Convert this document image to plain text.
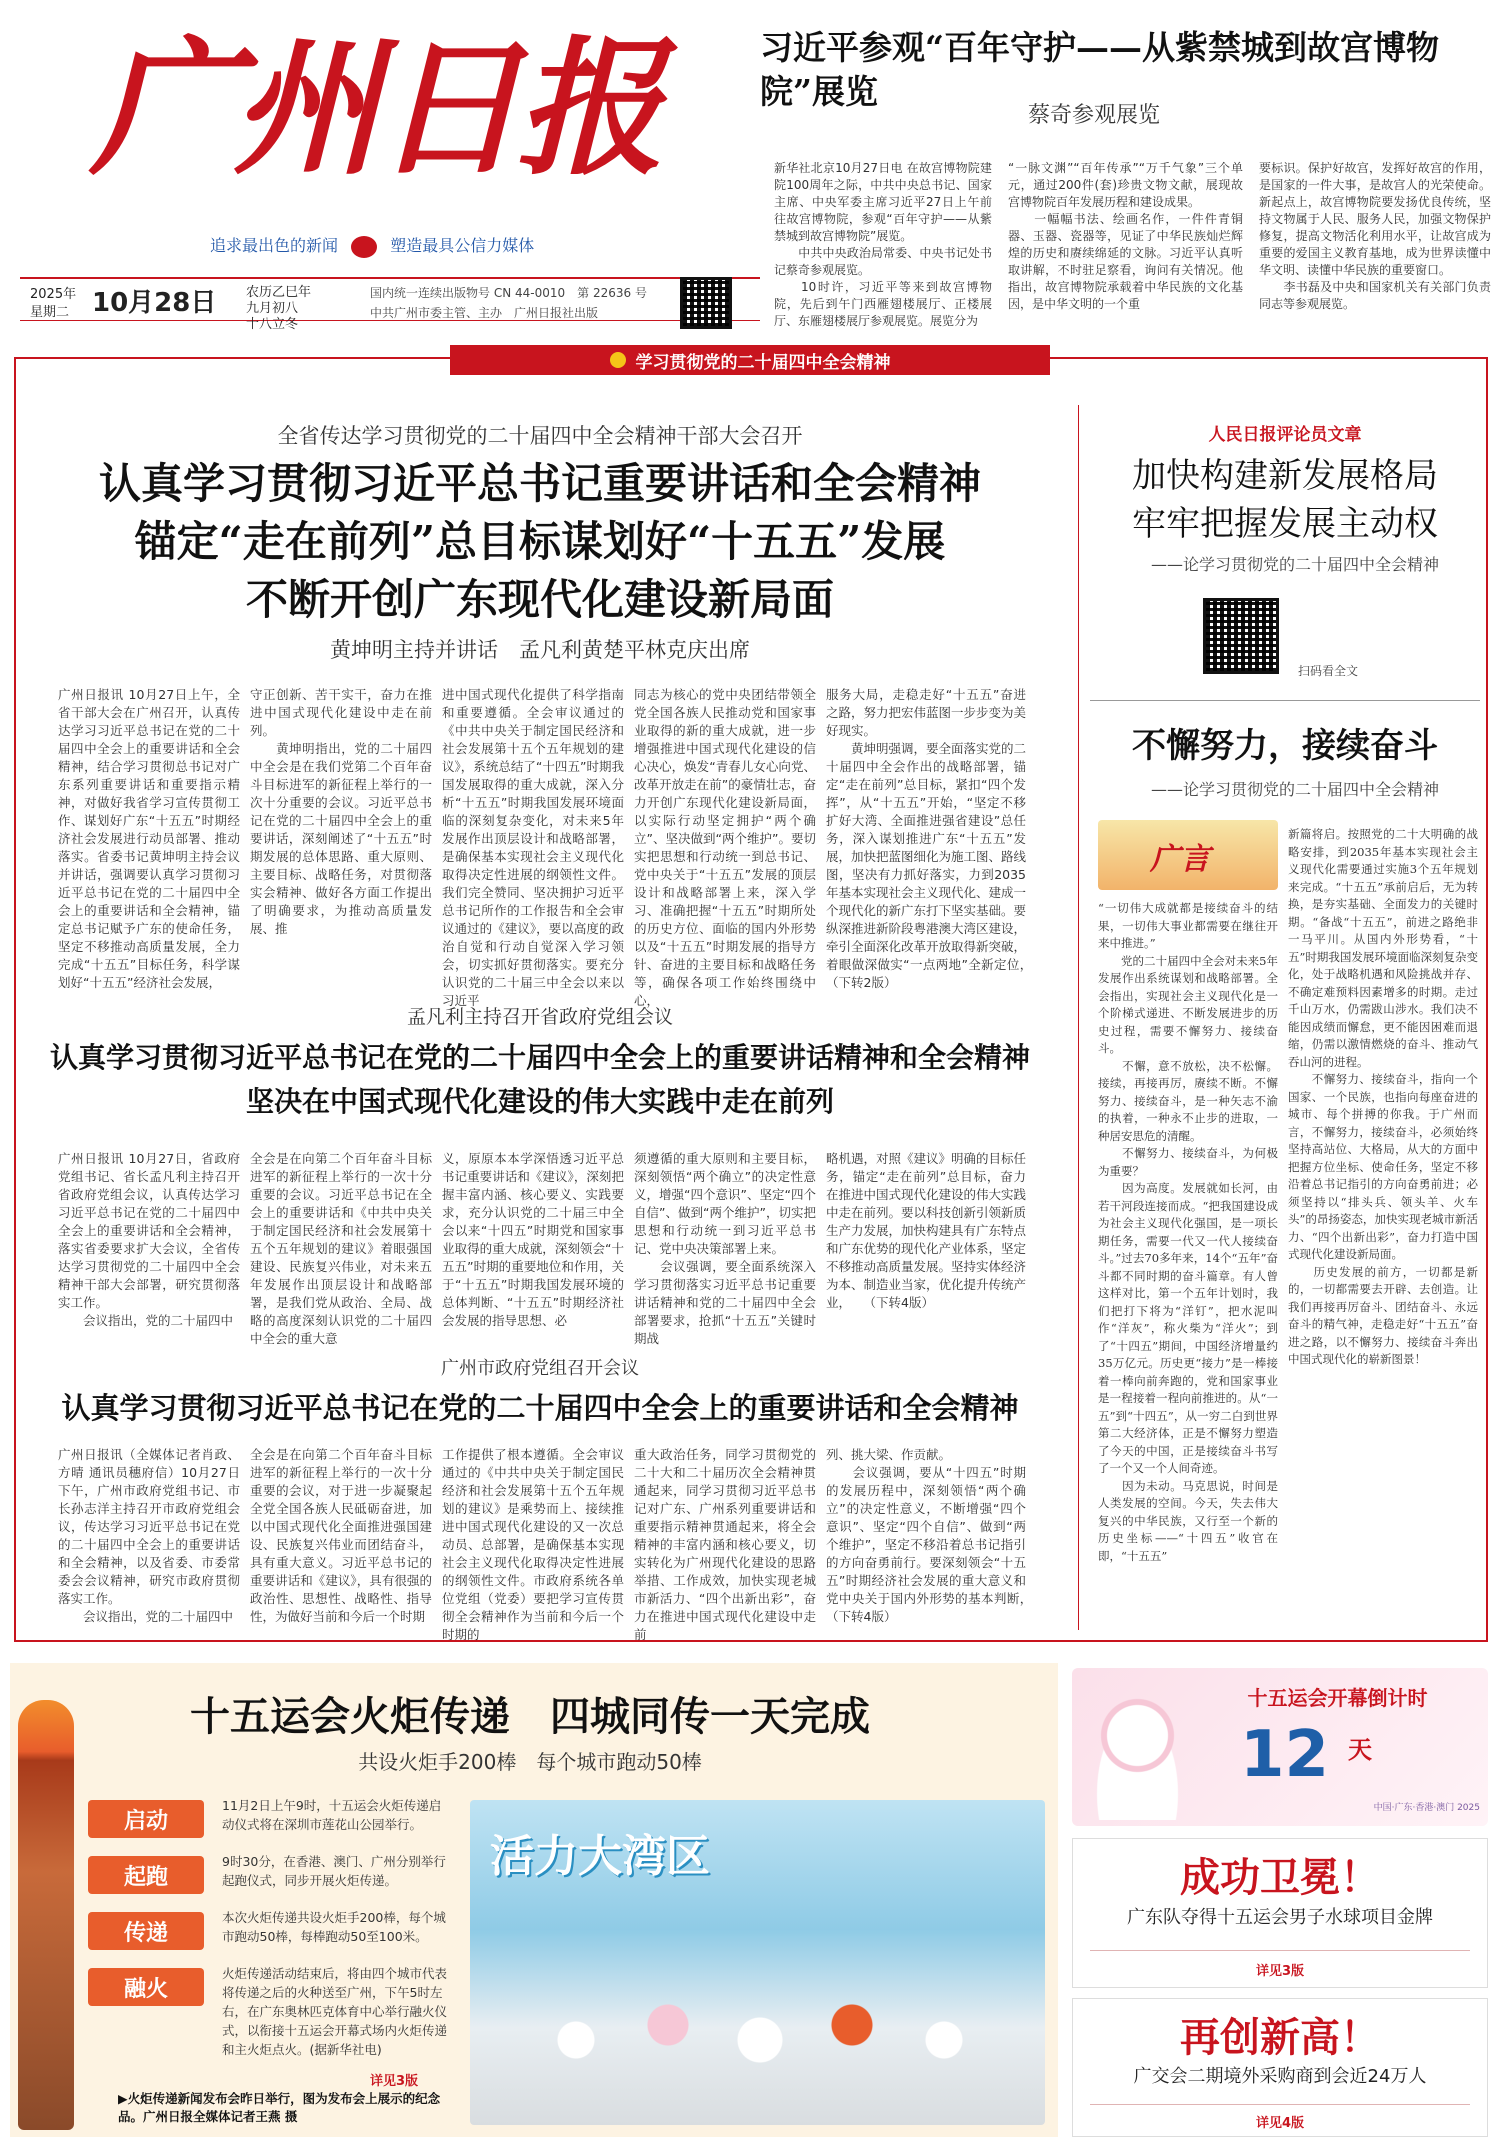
广州日报
追求最出色的新闻	塑造最具公信力媒体
2025年
星期二 10月28日 农历乙巳年
九月初八
十八立冬
国内统一连续出版物号 CN 44-0010　 第 22636 号
中共广州市委主管、主办　 广州日报社出版
习近平参观“百年守护——从紫禁城到故宫博物院”展览
蔡奇参观展览
新华社北京10月27日电 在故宫博物院建院100周年之际，中共中央总书记、国家主席、中央军委主席习近平27日上午前往故宫博物院，参观“百年守护——从紫禁城到故宫博物院”展览。
　　中共中央政治局常委、中央书记处书记蔡奇参观展览。
　　10时许，习近平等来到故宫博物院，先后到午门西雁翅楼展厅、正楼展厅、东雁翅楼展厅参观展览。展览分为
“一脉文渊”“百年传承”“万千气象”三个单元，通过200件(套)珍贵文物文献，展现故宫博物院百年发展历程和建设成果。
　　一幅幅书法、绘画名作，一件件青铜器、玉器、瓷器等，见证了中华民族灿烂辉煌的历史和赓续绵延的文脉。习近平认真听取讲解，不时驻足察看，询问有关情况。他指出，故宫博物院承载着中华民族的文化基因，是中华文明的一个重
要标识。保护好故宫，发挥好故宫的作用，是国家的一件大事，是故宫人的光荣使命。新起点上，故宫博物院要发扬优良传统，坚持文物属于人民、服务人民，加强文物保护修复，提高文物活化利用水平，让故宫成为重要的爱国主义教育基地，成为世界读懂中华文明、读懂中华民族的重要窗口。
　　李书磊及中央和国家机关有关部门负责同志等参观展览。
学习贯彻党的二十届四中全会精神
全省传达学习贯彻党的二十届四中全会精神干部大会召开
认真学习贯彻习近平总书记重要讲话和全会精神
锚定“走在前列”总目标谋划好“十五五”发展
不断开创广东现代化建设新局面
黄坤明主持并讲话　孟凡利黄楚平林克庆出席
广州日报讯 10月27日上午，全省干部大会在广州召开，认真传达学习习近平总书记在党的二十届四中全会上的重要讲话和全会精神，结合学习贯彻总书记对广东系列重要讲话和重要指示精神，对做好我省学习宣传贯彻工作、谋划好广东“十五五”时期经济社会发展进行动员部署、推动落实。省委书记黄坤明主持会议并讲话，强调要认真学习贯彻习近平总书记在党的二十届四中全会上的重要讲话和全会精神，锚定总书记赋予广东的使命任务，坚定不移推动高质量发展，全力完成“十五五”目标任务，科学谋划好“十五五”经济社会发展，
守正创新、苦干实干，奋力在推进中国式现代化建设中走在前列。
　　黄坤明指出，党的二十届四中全会是在我们党第二个百年奋斗目标进军的新征程上举行的一次十分重要的会议。习近平总书记在党的二十届四中全会上的重要讲话，深刻阐述了“十五五”时期发展的总体思路、重大原则、主要目标、战略任务，对贯彻落实会精神、做好各方面工作提出了明确要求，为推动高质量发展、推
进中国式现代化提供了科学指南和重要遵循。全会审议通过的《中共中央关于制定国民经济和社会发展第十五个五年规划的建议》，系统总结了“十四五”时期我国发展取得的重大成就，深入分析“十五五”时期我国发展环境面临的深刻复杂变化，对未来5年发展作出顶层设计和战略部署，是确保基本实现社会主义现代化取得决定性进展的纲领性文件。我们完全赞同、坚决拥护习近平总书记所作的工作报告和全会审议通过的《建议》，要以高度的政治自觉和行动自觉深入学习领会，切实抓好贯彻落实。要充分认识党的二十届三中全会以来以习近平
同志为核心的党中央团结带领全党全国各族人民推动党和国家事业取得的新的重大成就，进一步增强推进中国式现代化建设的信心决心，焕发“青春儿女心向党、改革开放走在前”的豪情壮志，奋力开创广东现代化建设新局面，以实际行动坚定拥护“两个确立”、坚决做到“两个维护”。要切实把思想和行动统一到总书记、党中央关于“十五五”发展的顶层设计和战略部署上来，深入学习、准确把握“十五五”时期所处的历史方位、面临的国内外形势以及“十五五”时期发展的指导方针、奋进的主要目标和战略任务等，确保各项工作始终围绕中心，
服务大局，走稳走好“十五五”奋进之路，努力把宏伟蓝图一步步变为美好现实。
　　黄坤明强调，要全面落实党的二十届四中全会作出的战略部署，锚定“走在前列”总目标，紧扣“四个发挥”，从“十五五”开始，“坚定不移扩好大湾、全面推进强省建设”总任务，深入谋划推进广东“十五五”发展，加快把蓝图细化为施工图、路线图，坚决有力抓好落实，力到2035年基本实现社会主义现代化、建成一个现代化的新广东打下坚实基础。要纵深推进新阶段粤港澳大湾区建设，牵引全面深化改革开放取得新突破，着眼做深做实“一点两地”全新定位，　　（下转2版）
孟凡利主持召开省政府党组会议
认真学习贯彻习近平总书记在党的二十届四中全会上的重要讲话精神和全会精神
坚决在中国式现代化建设的伟大实践中走在前列
广州日报讯 10月27日，省政府党组书记、省长孟凡利主持召开省政府党组会议，认真传达学习习近平总书记在党的二十届四中全会上的重要讲话和全会精神，落实省委要求扩大会议，全省传达学习贯彻党的二十届四中全会精神干部大会部署，研究贯彻落实工作。
　　会议指出，党的二十届四中
全会是在向第二个百年奋斗目标进军的新征程上举行的一次十分重要的会议。习近平总书记在全会上的重要讲话和《中共中央关于制定国民经济和社会发展第十五个五年规划的建议》着眼强国建设、民族复兴伟业，对未来五年发展作出顶层设计和战略部署，是我们党从政治、全局、战略的高度深刻认识党的二十届四中全会的重大意
义，原原本本学深悟透习近平总书记重要讲话和《建议》，深刻把握丰富内涵、核心要义、实践要求，充分认识党的二十届三中全会以来“十四五”时期党和国家事业取得的重大成就，深刻领会“十五五”时期的重要地位和作用，关于“十五五”时期我国发展环境的总体判断、“十五五”时期经济社会发展的指导思想、必
须遵循的重大原则和主要目标，深刻领悟“两个确立”的决定性意义，增强“四个意识”、坚定“四个自信”、做到“两个维护”，切实把思想和行动统一到习近平总书记、党中央决策部署上来。
　　会议强调，要全面系统深入学习贯彻落实习近平总书记重要讲话精神和党的二十届四中全会部署要求，抢抓“十五五”关键时期战
略机遇，对照《建议》明确的目标任务，锚定“走在前列”总目标，奋力在推进中国式现代化建设的伟大实践中走在前列。要以科技创新引领新质生产力发展，加快构建具有广东特点和广东优势的现代化产业体系，坚定不移推动高质量发展。坚持实体经济为本、制造业当家，优化提升传统产业，　　（下转4版）
广州市政府党组召开会议
认真学习贯彻习近平总书记在党的二十届四中全会上的重要讲话和全会精神
广州日报讯（全媒体记者肖政、方晴 通讯员穗府信）10月27日下午，广州市政府党组书记、市长孙志洋主持召开市政府党组会议，传达学习习近平总书记在党的二十届四中全会上的重要讲话和全会精神，以及省委、市委常委会会议精神，研究市政府贯彻落实工作。
　　会议指出，党的二十届四中
全会是在向第二个百年奋斗目标进军的新征程上举行的一次十分重要的会议，对于进一步凝聚起全党全国各族人民砥砺奋进，加以中国式现代化全面推进强国建设、民族复兴伟业而团结奋斗，具有重大意义。习近平总书记的重要讲话和《建议》，具有很强的政治性、思想性、战略性、指导性，为做好当前和今后一个时期
工作提供了根本遵循。全会审议通过的《中共中央关于制定国民经济和社会发展第十五个五年规划的建议》是乘势而上、接续推进中国式现代化建设的又一次总动员、总部署，是确保基本实现社会主义现代化取得决定性进展的纲领性文件。市政府系统各单位党组（党委）要把学习宣传贯彻全会精神作为当前和今后一个时期的
重大政治任务，同学习贯彻党的二十大和二十届历次全会精神贯通起来，同学习贯彻习近平总书记对广东、广州系列重要讲话和重要指示精神贯通起来，将全会精神的丰富内涵和核心要义，切实转化为广州现代化建设的思路举措、工作成效，加快实现老城市新活力、“四个出新出彩”，奋力在推进中国式现代化建设中走前
列、挑大梁、作贡献。
　　会议强调，要从“十四五”时期的发展历程中，深刻领悟“两个确立”的决定性意义，不断增强“四个意识”、坚定“四个自信”、做到“两个维护”，坚定不移沿着总书记指引的方向奋勇前行。要深刻领会“十五五”时期经济社会发展的重大意义和党中央关于国内外形势的基本判断，　　（下转4版）
人民日报评论员文章
加快构建新发展格局
牢牢把握发展主动权
——论学习贯彻党的二十届四中全会精神
扫码看全文
不懈努力，接续奋斗
——论学习贯彻党的二十届四中全会精神
广言
“一切伟大成就都是接续奋斗的结果，一切伟大事业都需要在继往开来中推进。”
　　党的二十届四中全会对未来5年发展作出系统谋划和战略部署。全会指出，实现社会主义现代化是一个阶梯式递进、不断发展进步的历史过程，需要不懈努力、接续奋斗。
　　不懈，意不放松，决不松懈。接续，再接再厉，赓续不断。不懈努力、接续奋斗，是一种矢志不渝的执着，一种永不止步的进取，一种居安思危的清醒。
　　不懈努力、接续奋斗，为何极为重要？
　　因为高度。发展就如长河，由若干河段连接而成。“把我国建设成为社会主义现代化强国，是一项长期任务，需要一代又一代人接续奋斗。”过去70多年来，14个“五年”奋斗都不同时期的奋斗篇章。有人曾这样对比，第一个五年计划时，我们把打下将为“洋钉”，把水泥叫作“洋灰”，称火柴为“洋火”；到了“十四五”期间，中国经济增量约35万亿元。历史更“接力”是一棒接着一棒向前奔跑的，党和国家事业是一程接着一程向前推进的。从“一五”到“十四五”，从一穷二白到世界第二大经济体，正是不懈努力塑造了今天的中国，正是接续奋斗书写了一个又一个人间奇迹。
　　因为未动。马克思说，时间是人类发展的空间。今天，失去伟大复兴的中华民族，又行至一个新的历史坐标——“十四五”收官在即，“十五五”
新篇将启。按照党的二十大明确的战略安排，到2035年基本实现社会主义现代化需要通过实施3个五年规划来完成。“十五五”承前启后，无为转换，是夯实基础、全面发力的关键时期。“备战“十五五”，前进之路绝非一马平川。从国内外形势看，“十五”时期我国发展环境面临深刻复杂变化，处于战略机遇和风险挑战并存、不确定难预料因素增多的时期。走过千山万水，仍需跋山涉水。我们决不能因成绩而懈怠，更不能因困难而退缩，仍需以激情燃烧的奋斗、推动气吞山河的进程。
　　不懈努力、接续奋斗，指向一个国家、一个民族，也指向每座奋进的城市、每个拼搏的你我。于广州而言，不懈努力，接续奋斗，必须始终坚持高站位、大格局，从大的方面中把握方位坐标、使命任务，坚定不移沿着总书记指引的方向奋勇前进；必须坚持以“排头兵、领头羊、火车头”的昂扬姿态，加快实现老城市新活力、“四个出新出彩”，奋力打造中国式现代化建设新局面。
　　历史发展的前方，一切都是新的，一切都需要去开辟、去创造。让我们再接再厉奋斗、团结奋斗、永远奋斗的精气神，走稳走好“十五五”奋进之路，以不懈努力、接续奋斗奔出中国式现代化的崭新图景！
十五运会火炬传递　四城同传一天完成
共设火炬手200棒　每个城市跑动50棒
启动
11月2日上午9时，十五运会火炬传递启动仪式将在深圳市莲花山公园举行。
起跑
9时30分，在香港、澳门、广州分别举行起跑仪式，同步开展火炬传递。
传递
本次火炬传递共设火炬手200棒，每个城市跑动50棒，每棒跑动50至100米。
融火
火炬传递活动结束后，将由四个城市代表将传递之后的火种送至广州，下午5时左右，在广东奥林匹克体育中心举行融火仪式，以衔接十五运会开幕式场内火炬传递和主火炬点火。(据新华社电)
详见3版
活力大湾区
▶火炬传递新闻发布会昨日举行，图为发布会上展示的纪念品。广州日报全媒体记者王燕 摄
十五运会开幕倒计时
12 天
中国·广东·香港·澳门 2025
成功卫冕！
广东队夺得十五运会男子水球项目金牌
详见3版
再创新高！
广交会二期境外采购商到会近24万人
详见4版
